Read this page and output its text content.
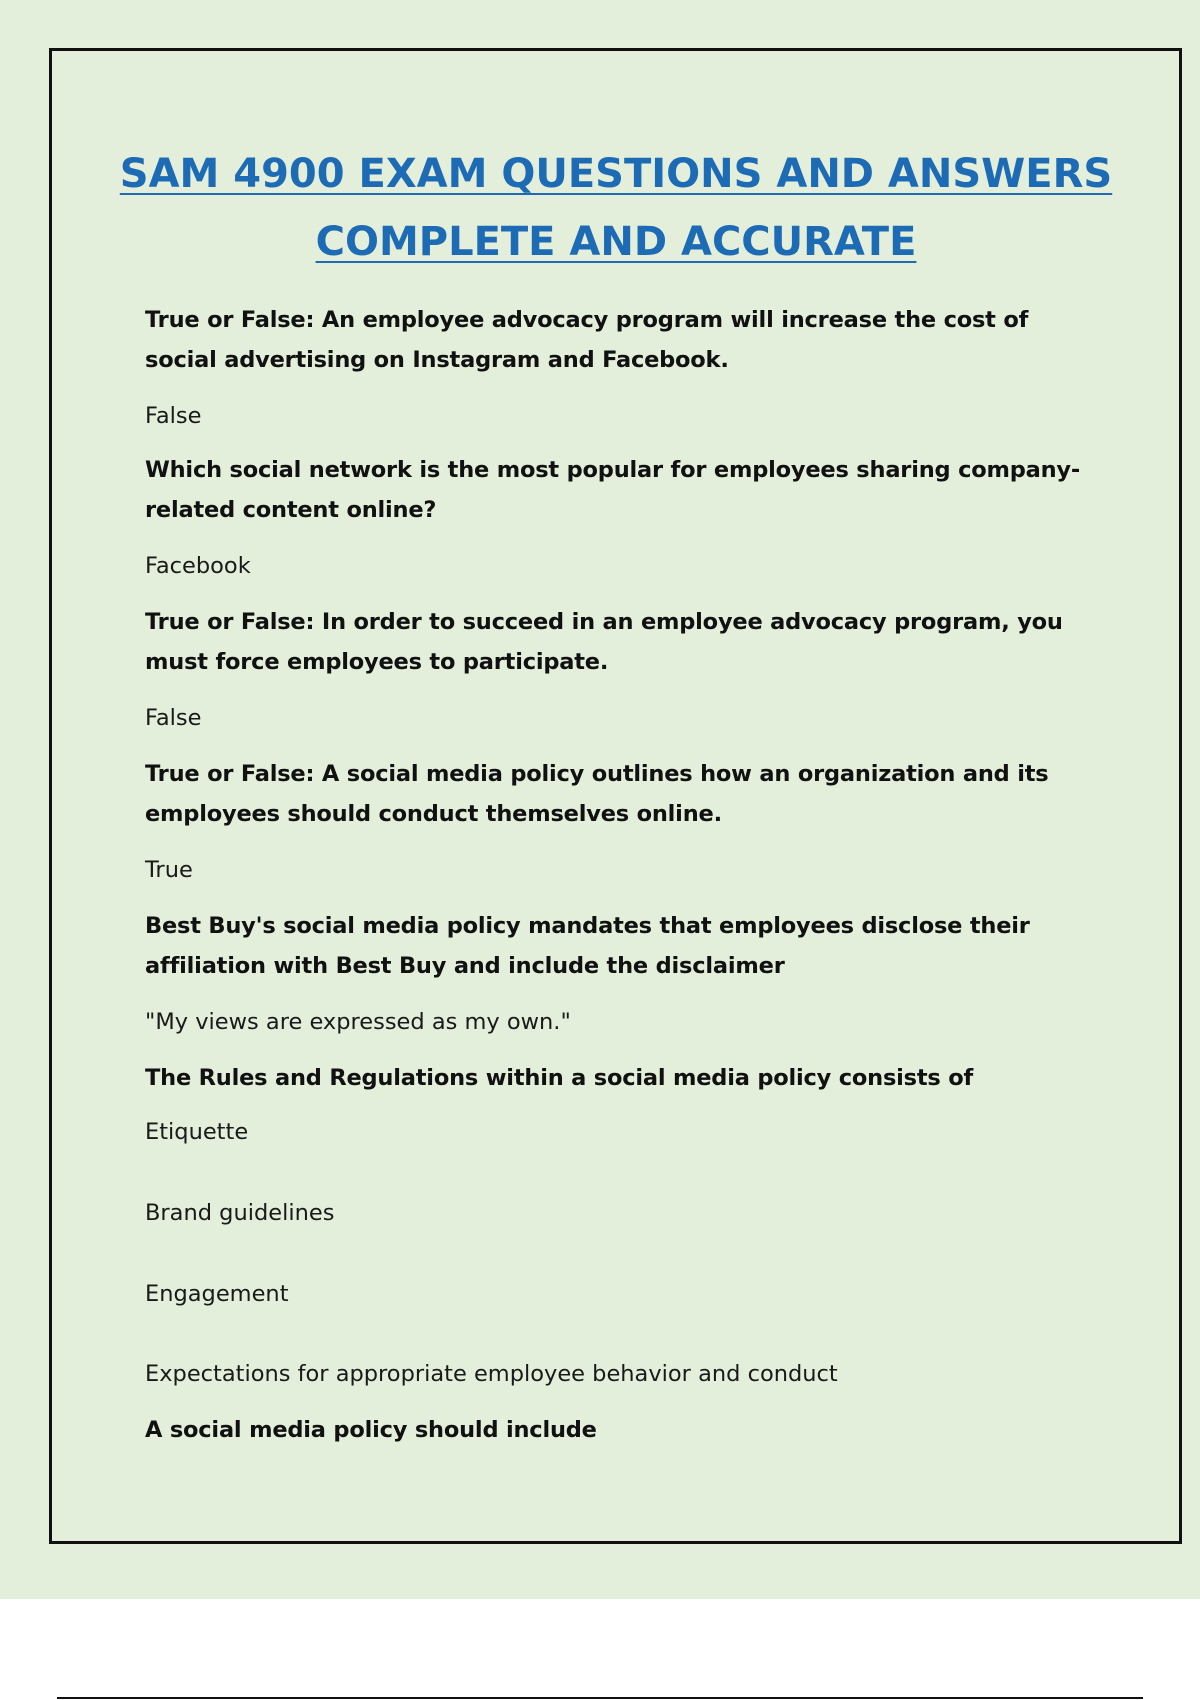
SAM 4900 EXAM QUESTIONS AND ANSWERS
COMPLETE AND ACCURATE

True or False: An employee advocacy program will increase the cost of social advertising on Instagram and Facebook.

False

Which social network is the most popular for employees sharing company-related content online?

Facebook

True or False: In order to succeed in an employee advocacy program, you must force employees to participate.

False

True or False: A social media policy outlines how an organization and its employees should conduct themselves online.

True

Best Buy's social media policy mandates that employees disclose their affiliation with Best Buy and include the disclaimer

"My views are expressed as my own."

The Rules and Regulations within a social media policy consists of

Etiquette

Brand guidelines

Engagement

Expectations for appropriate employee behavior and conduct

A social media policy should include
